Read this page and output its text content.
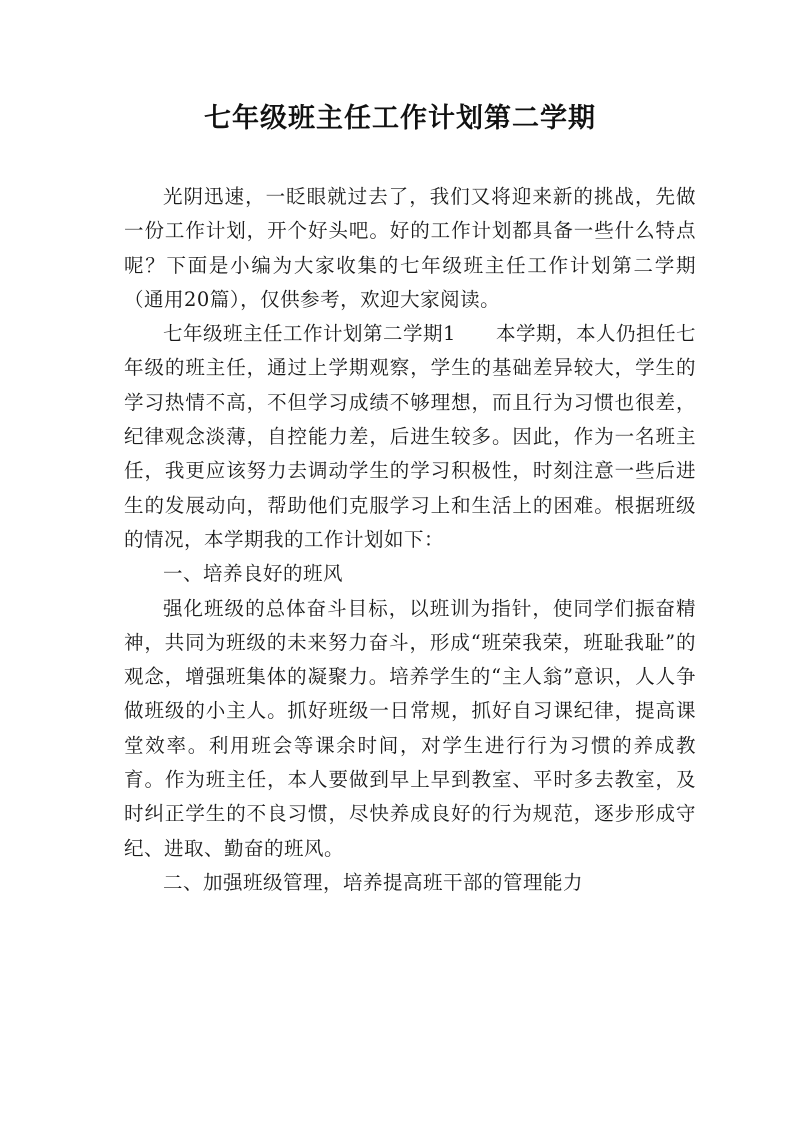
七年级班主任工作计划第二学期

光阴迅速，一眨眼就过去了，我们又将迎来新的挑战，先做一份工作计划，开个好头吧。好的工作计划都具备一些什么特点呢？下面是小编为大家收集的七年级班主任工作计划第二学期（通用20篇），仅供参考，欢迎大家阅读。

七年级班主任工作计划第二学期1　　本学期，本人仍担任七年级的班主任，通过上学期观察，学生的基础差异较大，学生的学习热情不高，不但学习成绩不够理想，而且行为习惯也很差，纪律观念淡薄，自控能力差，后进生较多。因此，作为一名班主任，我更应该努力去调动学生的学习积极性，时刻注意一些后进生的发展动向，帮助他们克服学习上和生活上的困难。根据班级的情况，本学期我的工作计划如下：

一、培养良好的班风

强化班级的总体奋斗目标，以班训为指针，使同学们振奋精神，共同为班级的未来努力奋斗，形成“班荣我荣，班耻我耻”的观念，增强班集体的凝聚力。培养学生的“主人翁”意识，人人争做班级的小主人。抓好班级一日常规，抓好自习课纪律，提高课堂效率。利用班会等课余时间，对学生进行行为习惯的养成教育。作为班主任，本人要做到早上早到教室、平时多去教室，及时纠正学生的不良习惯，尽快养成良好的行为规范，逐步形成守纪、进取、勤奋的班风。

二、加强班级管理，培养提高班干部的管理能力
